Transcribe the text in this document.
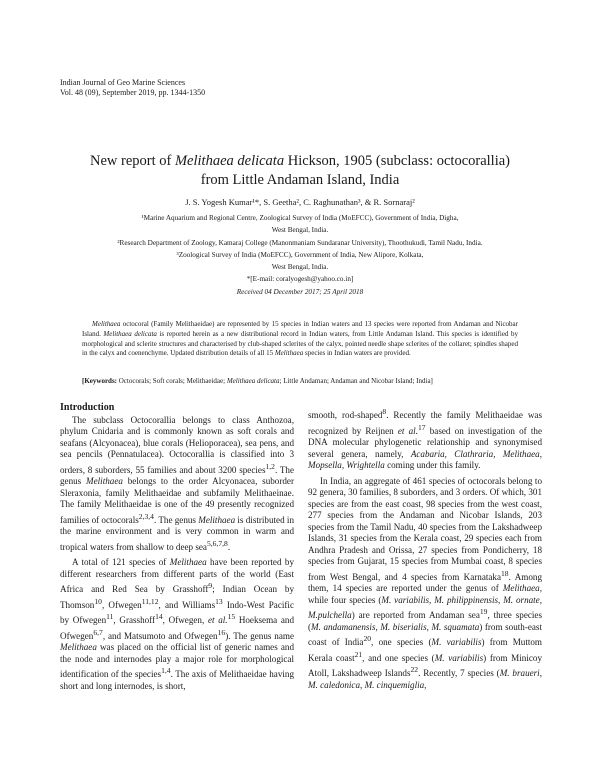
Indian Journal of Geo Marine Sciences
Vol. 48 (09), September 2019, pp. 1344-1350
New report of Melithaea delicata Hickson, 1905 (subclass: octocorallia)
from Little Andaman Island, India
J. S. Yogesh Kumar¹*, S. Geetha², C. Raghunathan³, & R. Sornaraj²
¹Marine Aquarium and Regional Centre, Zoological Survey of India (MoEFCC), Government of India, Digha,
West Bengal, India.
²Research Department of Zoology, Kamaraj College (Manonmaniam Sundaranar University), Thoothukudi, Tamil Nadu, India.
³Zoological Survey of India (MoEFCC), Government of India, New Alipore, Kolkata,
West Bengal, India.
*[E-mail: coralyogesh@yahoo.co.in]
Received 04 December 2017; 25 April 2018
Melithaea octocoral (Family Melithaeidae) are represented by 15 species in Indian waters and 13 species were reported from Andaman and Nicobar Island. Melithaea delicata is reported herein as a new distributional record in Indian waters, from Little Andaman Island. This species is identified by morphological and sclerite structures and characterised by club-shaped sclerites of the calyx, pointed needle shape sclerites of the collaret; spindles shaped in the calyx and coenenchyme. Updated distribution details of all 15 Melithaea species in Indian waters are provided.
[Keywords: Octocorals; Soft corals; Melithaeidae; Melithaea delicata; Little Andaman; Andaman and Nicobar Island; India]
Introduction

The subclass Octocorallia belongs to class Anthozoa, phylum Cnidaria and is commonly known as soft corals and seafans (Alcyonacea), blue corals (Helioporacea), sea pens, and sea pencils (Pennatulacea). Octocorallia is classified into 3 orders, 8 suborders, 55 families and about 3200 species$^{1,2}$. The genus Melithaea belongs to the order Alcyonacea, suborder Sleraxonia, family Melithaeidae and subfamily Melithaeinae. The family Melithaeidae is one of the 49 presently recognized families of octocorals$^{2,3,4}$. The genus Melithaea is distributed in the marine environment and is very common in warm and tropical waters from shallow to deep sea$^{5,6,7,8}$.

A total of 121 species of Melithaea have been reported by different researchers from different parts of the world (East Africa and Red Sea by Grasshoff$^9$; Indian Ocean by Thomson$^{10}$, Ofwegen$^{11,12}$, and Williams$^{13}$ Indo-West Pacific by Ofwegen$^{11}$, Grasshoff$^{14}$, Ofwegen, et al.$^{15}$ Hoeksema and Ofwegen$^{6,7}$, and Matsumoto and Ofwegen$^{16}$). The genus name Melithaea was placed on the official list of generic names and the node and internodes play a major role for morphological identification of the species$^{1,4}$. The axis of Melithaeidae having short and long internodes, is short,

smooth, rod-shaped$^8$. Recently the family Melithaeidae was recognized by Reijnen et al.$^{17}$ based on investigation of the DNA molecular phylogenetic relationship and synonymised several genera, namely, Acabaria, Clathraria, Melithaea, Mopsella, Wrightella coming under this family.

In India, an aggregate of 461 species of octocorals belong to 92 genera, 30 families, 8 suborders, and 3 orders. Of which, 301 species are from the east coast, 98 species from the west coast, 277 species from the Andaman and Nicobar Islands, 203 species from the Tamil Nadu, 40 species from the Lakshadweep Islands, 31 species from the Kerala coast, 29 species each from Andhra Pradesh and Orissa, 27 species from Pondicherry, 18 species from Gujarat, 15 species from Mumbai coast, 8 species from West Bengal, and 4 species from Karnataka$^{18}$. Among them, 14 species are reported under the genus of Melithaea, while four species (M. variabilis, M. philippinensis, M. ornate, M.pulchella) are reported from Andaman sea$^{19}$, three species (M. andamanensis, M. biserialis, M. squamata) from south-east coast of India$^{20}$, one species (M. variabilis) from Muttom Kerala coast$^{21}$, and one species (M. variabilis) from Minicoy Atoll, Lakshadweep Islands$^{22}$. Recently, 7 species (M. braueri, M. caledonica, M. cinquemiglia,
